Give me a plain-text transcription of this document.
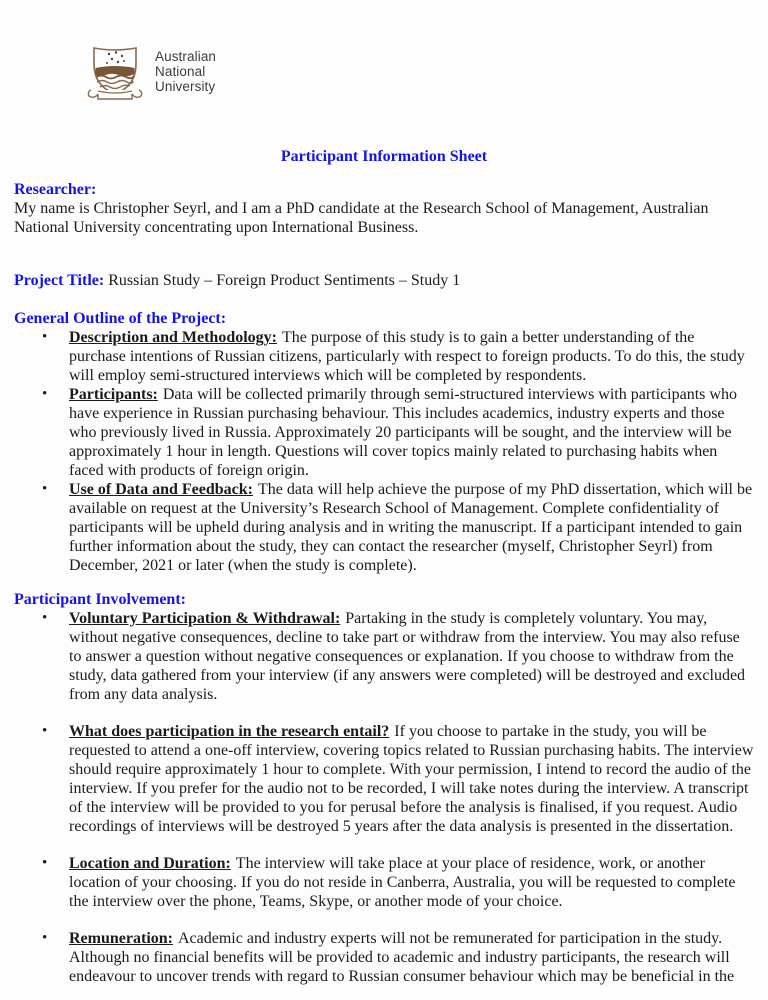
Australian
National
University
Participant Information Sheet
Researcher:

My name is Christopher Seyrl, and I am a PhD candidate at the Research School of Management, Australian National University concentrating upon International Business.

Project Title: Russian Study – Foreign Product Sentiments – Study 1

General Outline of the Project:
•	Description and Methodology: The purpose of this study is to gain a better understanding of the purchase intentions of Russian citizens, particularly with respect to foreign products. To do this, the study will employ semi-structured interviews which will be completed by respondents.

•	Participants: Data will be collected primarily through semi-structured interviews with participants who have experience in Russian purchasing behaviour. This includes academics, industry experts and those who previously lived in Russia. Approximately 20 participants will be sought, and the interview will be approximately 1 hour in length. Questions will cover topics mainly related to purchasing habits when faced with products of foreign origin.

•	Use of Data and Feedback: The data will help achieve the purpose of my PhD dissertation, which will be available on request at the University’s Research School of Management. Complete confidentiality of participants will be upheld during analysis and in writing the manuscript. If a participant intended to gain further information about the study, they can contact the researcher (myself, Christopher Seyrl) from December, 2021 or later (when the study is complete).

Participant Involvement:
•	Voluntary Participation & Withdrawal: Partaking in the study is completely voluntary. You may, without negative consequences, decline to take part or withdraw from the interview. You may also refuse to answer a question without negative consequences or explanation. If you choose to withdraw from the study, data gathered from your interview (if any answers were completed) will be destroyed and excluded from any data analysis.

•	What does participation in the research entail? If you choose to partake in the study, you will be requested to attend a one-off interview, covering topics related to Russian purchasing habits. The interview should require approximately 1 hour to complete. With your permission, I intend to record the audio of the interview. If you prefer for the audio not to be recorded, I will take notes during the interview. A transcript of the interview will be provided to you for perusal before the analysis is finalised, if you request. Audio recordings of interviews will be destroyed 5 years after the data analysis is presented in the dissertation.

•	Location and Duration: The interview will take place at your place of residence, work, or another location of your choosing. If you do not reside in Canberra, Australia, you will be requested to complete the interview over the phone, Teams, Skype, or another mode of your choice.

•	Remuneration: Academic and industry experts will not be remunerated for participation in the study. Although no financial benefits will be provided to academic and industry participants, the research will endeavour to uncover trends with regard to Russian consumer behaviour which may be beneficial in the
